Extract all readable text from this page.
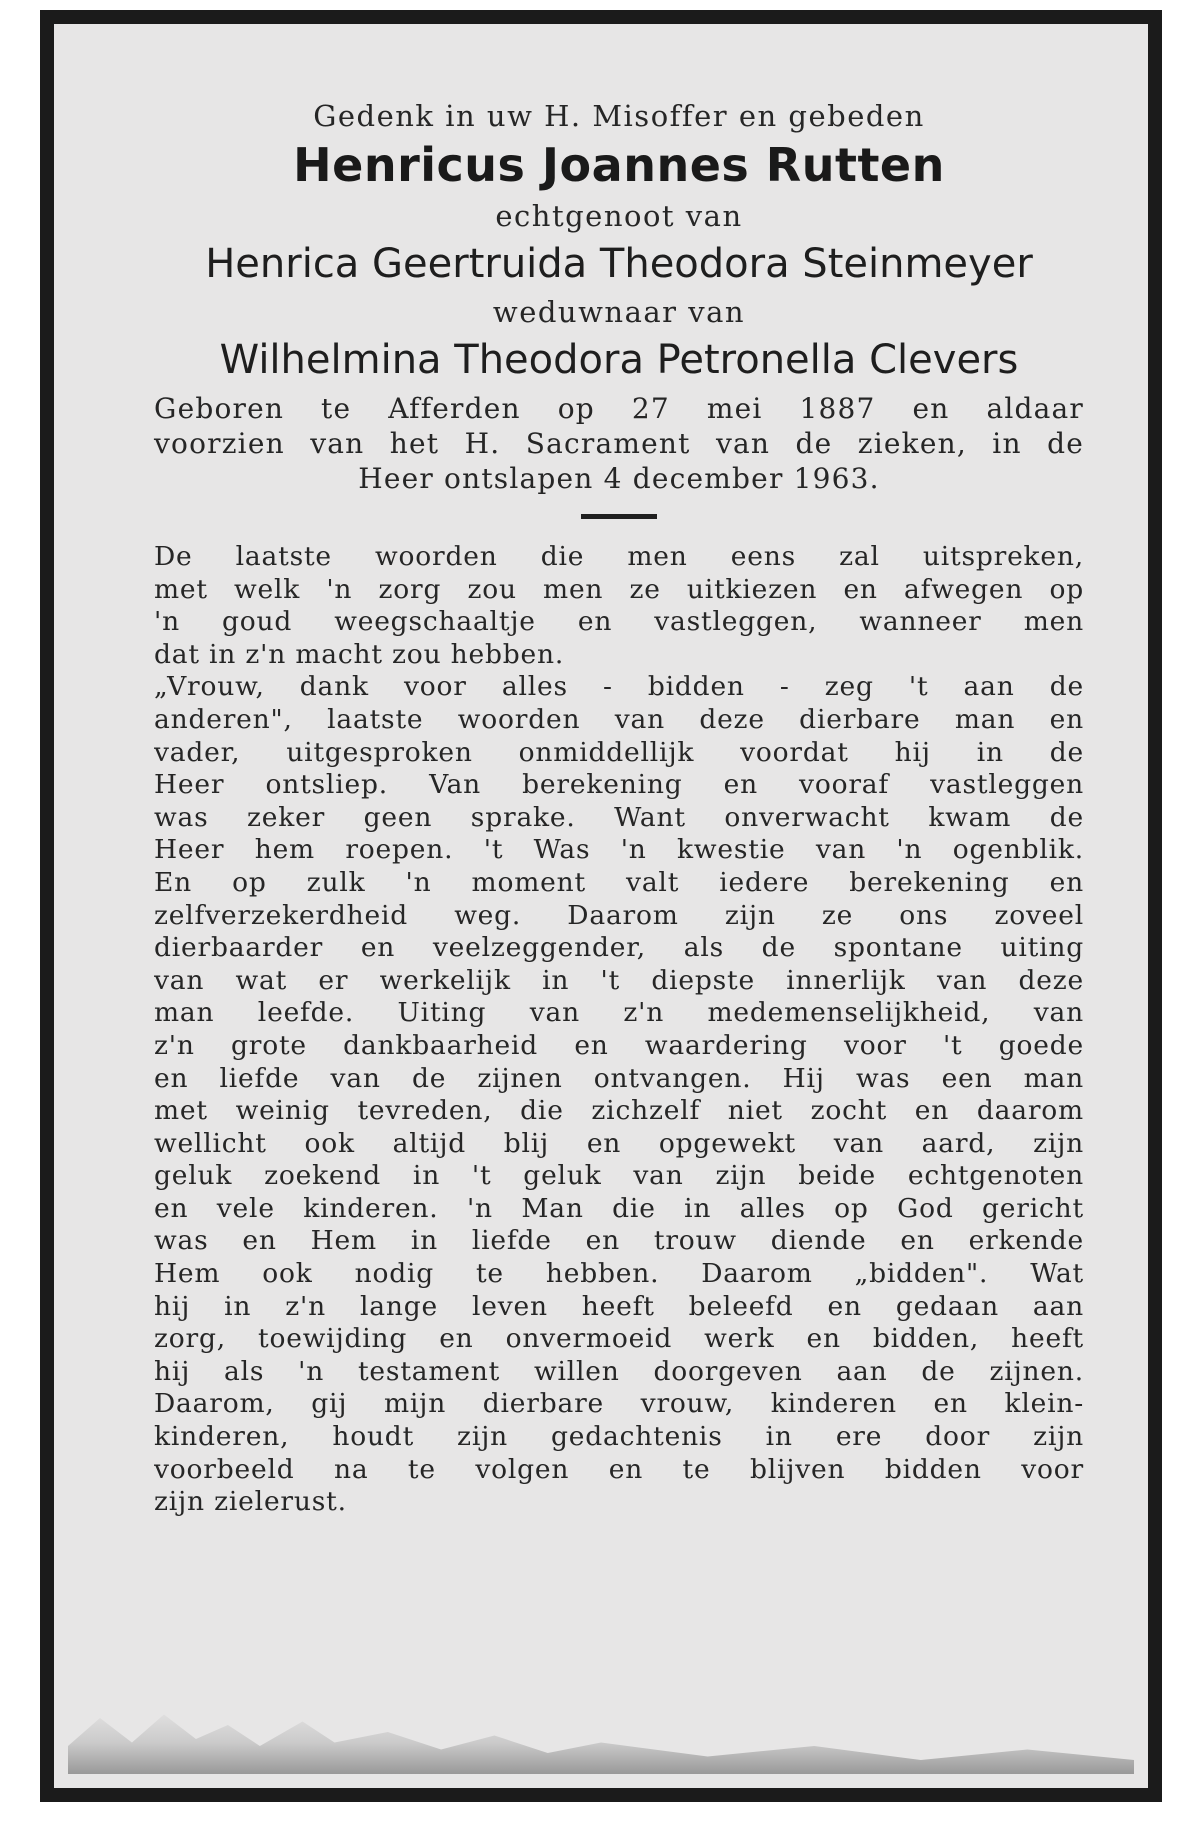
Gedenk in uw H. Misoffer en gebeden

Henricus Joannes Rutten

echtgenoot van

Henrica Geertruida Theodora Steinmeyer

weduwnaar van

Wilhelmina Theodora Petronella Clevers

Geboren te Afferden op 27 mei 1887 en aldaar
voorzien van het H. Sacrament van de zieken, in de
Heer ontslapen 4 december 1963.
De laatste woorden die men eens zal uitspreken,
met welk 'n zorg zou men ze uitkiezen en afwegen op
'n goud weegschaaltje en vastleggen, wanneer men
dat in z'n macht zou hebben.
„Vrouw, dank voor alles - bidden - zeg 't aan de
anderen", laatste woorden van deze dierbare man en
vader, uitgesproken onmiddellijk voordat hij in de
Heer ontsliep. Van berekening en vooraf vastleggen
was zeker geen sprake. Want onverwacht kwam de
Heer hem roepen. 't Was 'n kwestie van 'n ogenblik.
En op zulk 'n moment valt iedere berekening en
zelfverzekerdheid weg. Daarom zijn ze ons zoveel
dierbaarder en veelzeggender, als de spontane uiting
van wat er werkelijk in 't diepste innerlijk van deze
man leefde. Uiting van z'n medemenselijkheid, van
z'n grote dankbaarheid en waardering voor 't goede
en liefde van de zijnen ontvangen. Hij was een man
met weinig tevreden, die zichzelf niet zocht en daarom
wellicht ook altijd blij en opgewekt van aard, zijn
geluk zoekend in 't geluk van zijn beide echtgenoten
en vele kinderen. 'n Man die in alles op God gericht
was en Hem in liefde en trouw diende en erkende
Hem ook nodig te hebben. Daarom „bidden". Wat
hij in z'n lange leven heeft beleefd en gedaan aan
zorg, toewijding en onvermoeid werk en bidden, heeft
hij als 'n testament willen doorgeven aan de zijnen.
Daarom, gij mijn dierbare vrouw, kinderen en klein-
kinderen, houdt zijn gedachtenis in ere door zijn
voorbeeld na te volgen en te blijven bidden voor
zijn zielerust.
